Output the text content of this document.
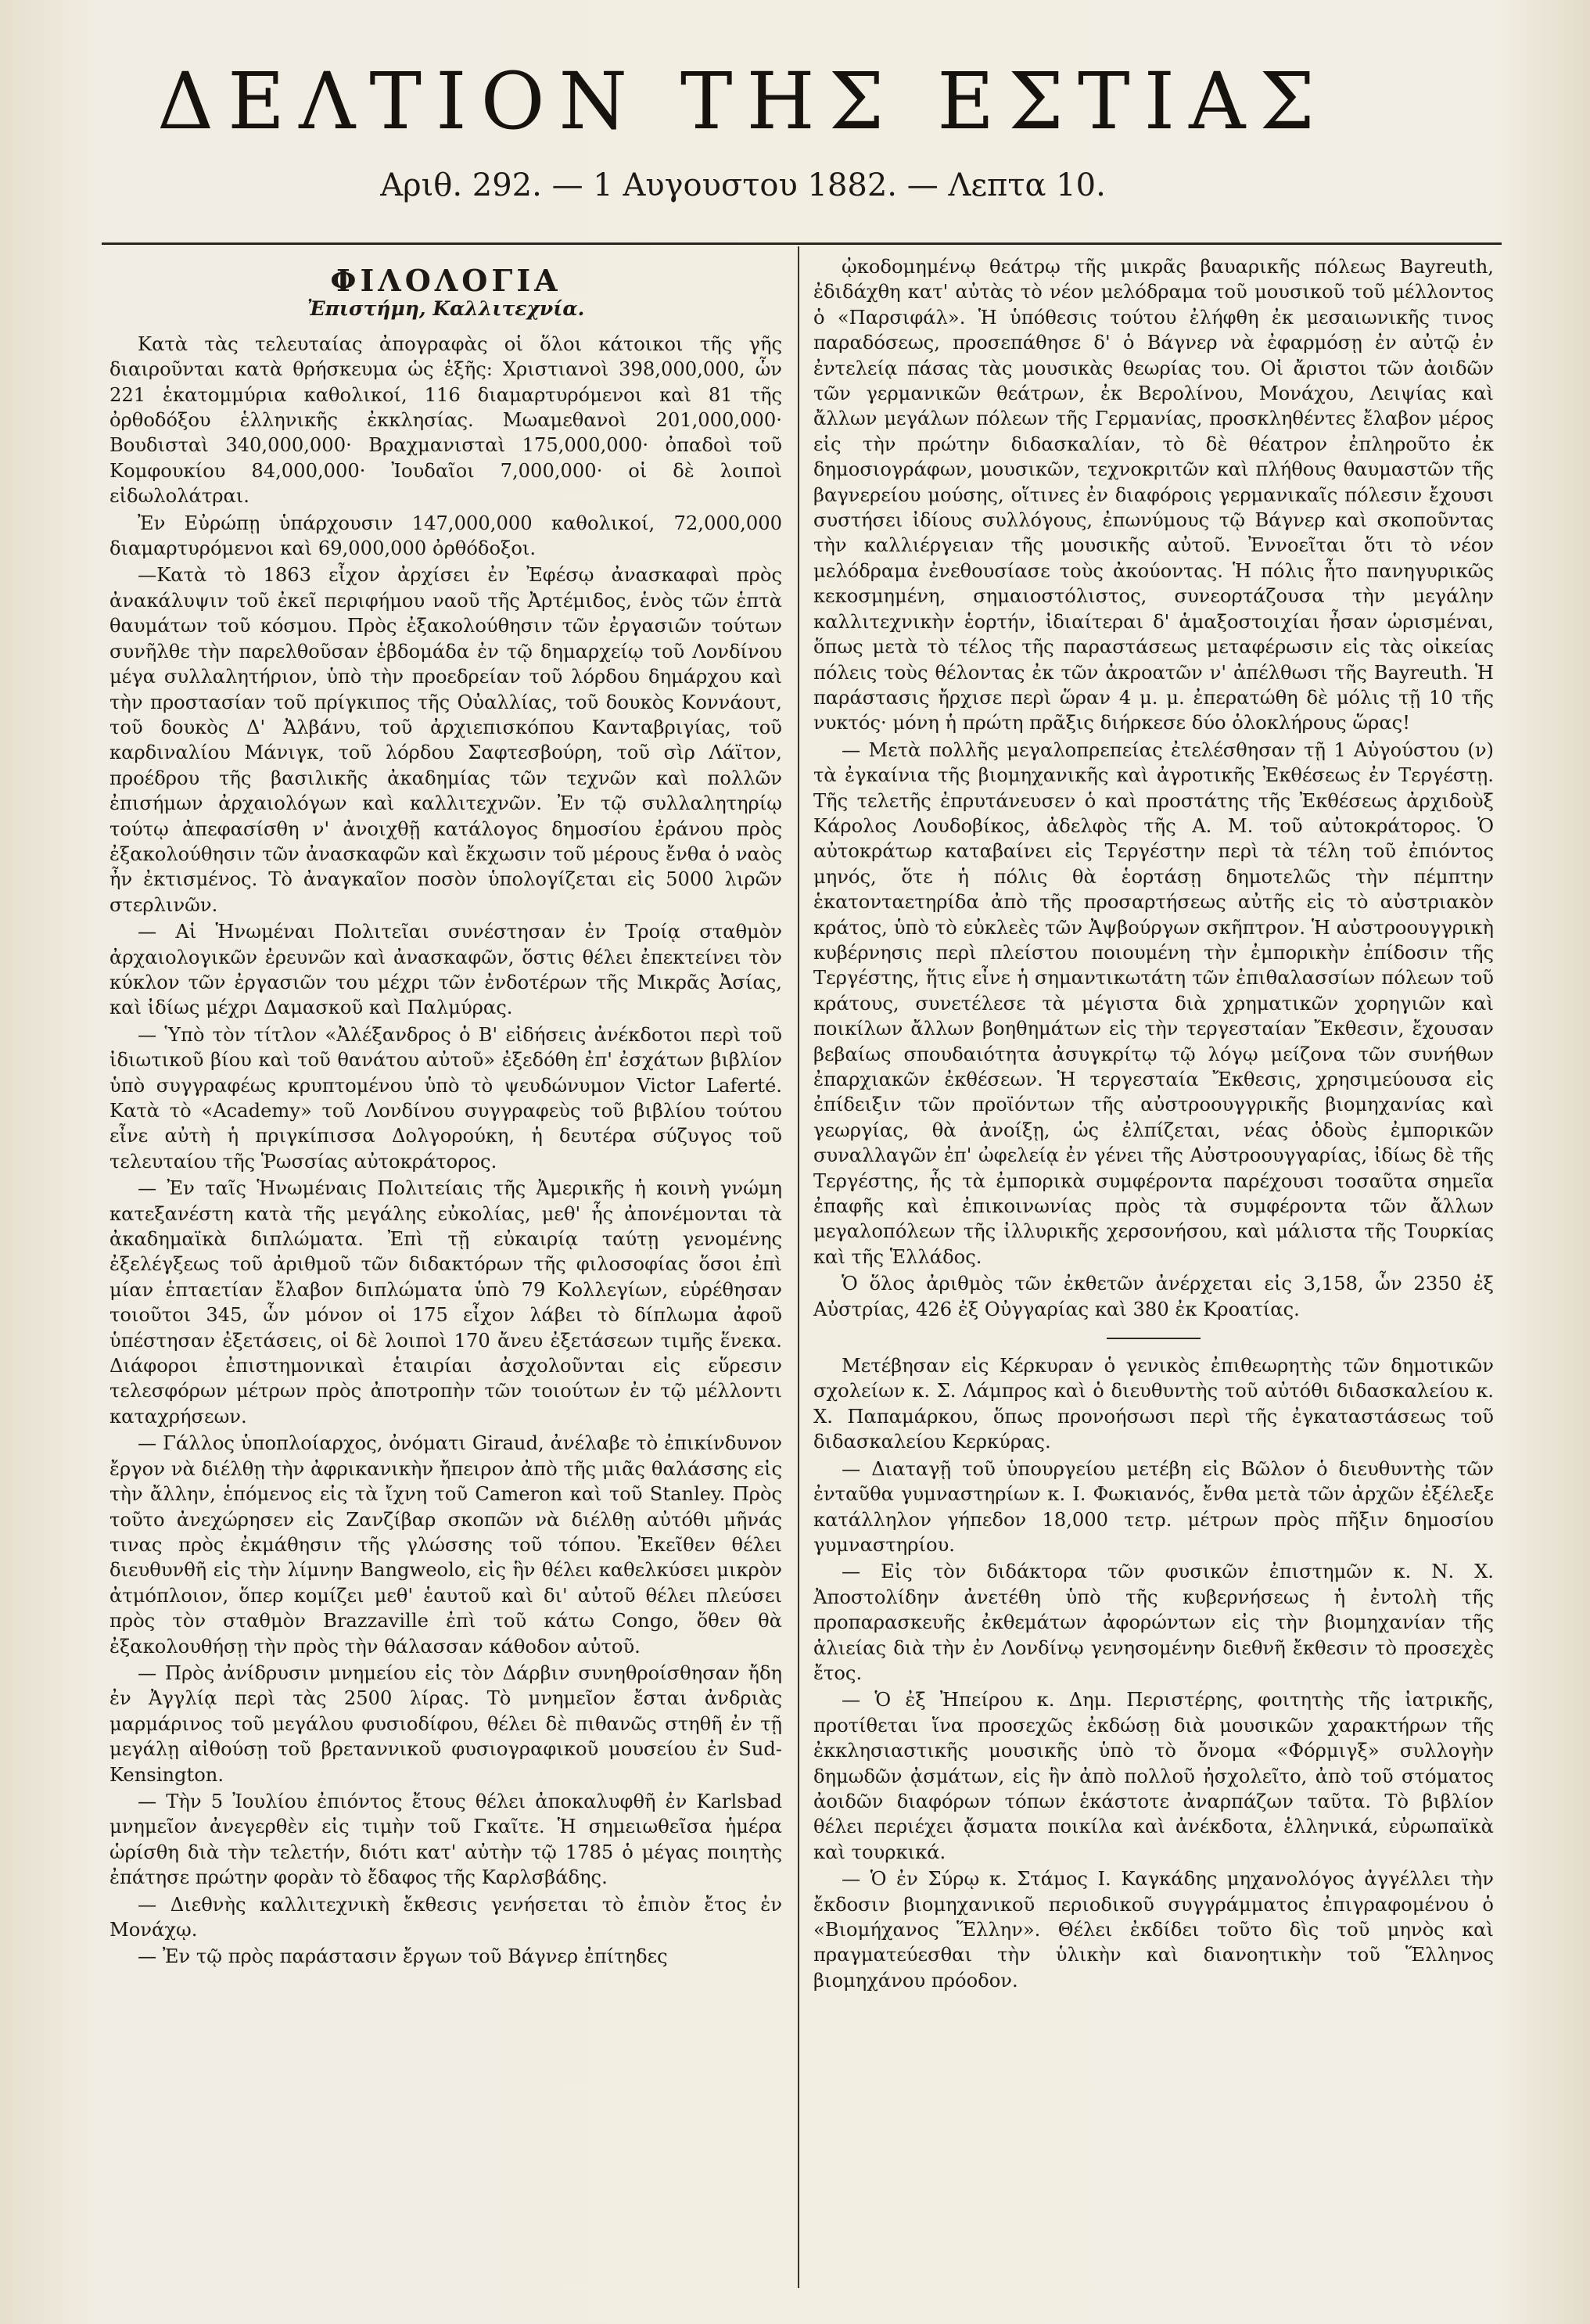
ΔΕΛΤΙΟΝ ΤΗΣ ΕΣΤΙΑΣ
Αριθ. 292. — 1 Αυγουστου 1882. — Λεπτα 10.
ΦΙΛΟΛΟΓΙΑ
Ἐπιστήμη, Καλλιτεχνία.

Κατὰ τὰς τελευταίας ἀπογραφὰς οἱ ὅλοι κάτοικοι τῆς γῆς διαιροῦνται κατὰ θρήσκευμα ὡς ἑξῆς: Χριστιανοὶ 398,000,000, ὧν 221 ἑκατομμύρια καθολικοί, 116 διαμαρτυρόμενοι καὶ 81 τῆς ὀρθοδόξου ἑλληνικῆς ἐκκλησίας. Μωαμεθανοὶ 201,000,000· Βουδισταὶ 340,000,000· Βραχμανισταὶ 175,000,000· ὀπαδοὶ τοῦ Κομφουκίου 84,000,000· Ἰουδαῖοι 7,000,000· οἱ δὲ λοιποὶ εἰδωλολάτραι.

Ἐν Εὐρώπῃ ὑπάρχουσιν 147,000,000 καθολικοί, 72,000,000 διαμαρτυρόμενοι καὶ 69,000,000 ὀρθόδοξοι.

—Κατὰ τὸ 1863 εἶχον ἀρχίσει ἐν Ἐφέσῳ ἀνασκαφαὶ πρὸς ἀνακάλυψιν τοῦ ἐκεῖ περιφήμου ναοῦ τῆς Ἀρτέμιδος, ἑνὸς τῶν ἑπτὰ θαυμάτων τοῦ κόσμου. Πρὸς ἐξακολούθησιν τῶν ἐργασιῶν τούτων συνῆλθε τὴν παρελθοῦσαν ἑβδομάδα ἐν τῷ δημαρχείῳ τοῦ Λονδίνου μέγα συλλαλητήριον, ὑπὸ τὴν προεδρείαν τοῦ λόρδου δημάρχου καὶ τὴν προστασίαν τοῦ πρίγκιπος τῆς Οὐαλλίας, τοῦ δουκὸς Κοννάουτ, τοῦ δουκὸς Δ' Ἀλβάνυ, τοῦ ἀρχιεπισκόπου Κανταβριγίας, τοῦ καρδιναλίου Μάνιγκ, τοῦ λόρδου Σαφτεσβούρη, τοῦ σὶρ Λάϊτον, προέδρου τῆς βασιλικῆς ἀκαδημίας τῶν τεχνῶν καὶ πολλῶν ἐπισήμων ἀρχαιολόγων καὶ καλλιτεχνῶν. Ἐν τῷ συλλαλητηρίῳ τούτῳ ἀπεφασίσθη ν' ἀνοιχθῇ κατάλογος δημοσίου ἐράνου πρὸς ἐξακολούθησιν τῶν ἀνασκαφῶν καὶ ἔκχωσιν τοῦ μέρους ἔνθα ὁ ναὸς ἦν ἐκτισμένος. Τὸ ἀναγκαῖον ποσὸν ὑπολογίζεται εἰς 5000 λιρῶν στερλινῶν.

— Αἱ Ἡνωμέναι Πολιτεῖαι συνέστησαν ἐν Τροίᾳ σταθμὸν ἀρχαιολογικῶν ἐρευνῶν καὶ ἀνασκαφῶν, ὅστις θέλει ἐπεκτείνει τὸν κύκλον τῶν ἐργασιῶν του μέχρι τῶν ἐνδοτέρων τῆς Μικρᾶς Ἀσίας, καὶ ἰδίως μέχρι Δαμασκοῦ καὶ Παλμύρας.

— Ὑπὸ τὸν τίτλον «Ἀλέξανδρος ὁ Β' εἰδήσεις ἀνέκδοτοι περὶ τοῦ ἰδιωτικοῦ βίου καὶ τοῦ θανάτου αὐτοῦ» ἐξεδόθη ἐπ' ἐσχάτων βιβλίον ὑπὸ συγγραφέως κρυπτομένου ὑπὸ τὸ ψευδώνυμον Victor Laferté. Κατὰ τὸ «Academy» τοῦ Λονδίνου συγγραφεὺς τοῦ βιβλίου τούτου εἶνε αὐτὴ ἡ πριγκίπισσα Δολγορούκη, ἡ δευτέρα σύζυγος τοῦ τελευταίου τῆς Ῥωσσίας αὐτοκράτορος.

— Ἐν ταῖς Ἡνωμέναις Πολιτείαις τῆς Ἀμερικῆς ἡ κοινὴ γνώμη κατεξανέστη κατὰ τῆς μεγάλης εὐκολίας, μεθ' ἧς ἀπονέμονται τὰ ἀκαδημαϊκὰ διπλώματα. Ἐπὶ τῇ εὐκαιρίᾳ ταύτῃ γενομένης ἐξελέγξεως τοῦ ἀριθμοῦ τῶν διδακτόρων τῆς φιλοσοφίας ὅσοι ἐπὶ μίαν ἑπταετίαν ἔλαβον διπλώματα ὑπὸ 79 Κολλεγίων, εὑρέθησαν τοιοῦτοι 345, ὧν μόνον οἱ 175 εἶχον λάβει τὸ δίπλωμα ἀφοῦ ὑπέστησαν ἐξετάσεις, οἱ δὲ λοιποὶ 170 ἄνευ ἐξετάσεων τιμῆς ἕνεκα. Διάφοροι ἐπιστημονικαὶ ἑταιρίαι ἀσχολοῦνται εἰς εὕρεσιν τελεσφόρων μέτρων πρὸς ἀποτροπὴν τῶν τοιούτων ἐν τῷ μέλλοντι καταχρήσεων.

— Γάλλος ὑποπλοίαρχος, ὀνόματι Giraud, ἀνέλαβε τὸ ἐπικίνδυνον ἔργον νὰ διέλθῃ τὴν ἀφρικανικὴν ἤπειρον ἀπὸ τῆς μιᾶς θαλάσσης εἰς τὴν ἄλλην, ἑπόμενος εἰς τὰ ἴχνη τοῦ Cameron καὶ τοῦ Stanley. Πρὸς τοῦτο ἀνεχώρησεν εἰς Ζανζίβαρ σκοπῶν νὰ διέλθῃ αὐτόθι μῆνάς τινας πρὸς ἐκμάθησιν τῆς γλώσσης τοῦ τόπου. Ἐκεῖθεν θέλει διευθυνθῆ εἰς τὴν λίμνην Bangweolo, εἰς ἣν θέλει καθελκύσει μικρὸν ἀτμόπλοιον, ὅπερ κομίζει μεθ' ἑαυτοῦ καὶ δι' αὐτοῦ θέλει πλεύσει πρὸς τὸν σταθμὸν Brazzaville ἐπὶ τοῦ κάτω Congo, ὅθεν θὰ ἐξακολουθήσῃ τὴν πρὸς τὴν θάλασσαν κάθοδον αὐτοῦ.

— Πρὸς ἀνίδρυσιν μνημείου εἰς τὸν Δάρβιν συνηθροίσθησαν ἤδη ἐν Ἀγγλίᾳ περὶ τὰς 2500 λίρας. Τὸ μνημεῖον ἔσται ἀνδριὰς μαρμάρινος τοῦ μεγάλου φυσιοδίφου, θέλει δὲ πιθανῶς στηθῆ ἐν τῇ μεγάλῃ αἰθούσῃ τοῦ βρεταννικοῦ φυσιογραφικοῦ μουσείου ἐν Sud-Kensington.

— Τὴν 5 Ἰουλίου ἐπιόντος ἔτους θέλει ἀποκαλυφθῆ ἐν Karlsbad μνημεῖον ἀνεγερθὲν εἰς τιμὴν τοῦ Γκαῖτε. Ἡ σημειωθεῖσα ἡμέρα ὡρίσθη διὰ τὴν τελετήν, διότι κατ' αὐτὴν τῷ 1785 ὁ μέγας ποιητὴς ἐπάτησε πρώτην φορὰν τὸ ἔδαφος τῆς Καρλσβάδης.

— Διεθνὴς καλλιτεχνικὴ ἔκθεσις γενήσεται τὸ ἐπιὸν ἔτος ἐν Μονάχῳ.

— Ἐν τῷ πρὸς παράστασιν ἔργων τοῦ Βάγνερ ἐπίτηδες

ᾠκοδομημένῳ θεάτρῳ τῆς μικρᾶς βαυαρικῆς πόλεως Bayreuth, ἐδιδάχθη κατ' αὐτὰς τὸ νέον μελόδραμα τοῦ μουσικοῦ τοῦ μέλλοντος ὁ «Παρσιφάλ». Ἡ ὑπόθεσις τούτου ἐλήφθη ἐκ μεσαιωνικῆς τινος παραδόσεως, προσεπάθησε δ' ὁ Βάγνερ νὰ ἐφαρμόσῃ ἐν αὐτῷ ἐν ἐντελείᾳ πάσας τὰς μουσικὰς θεωρίας του. Οἱ ἄριστοι τῶν ἀοιδῶν τῶν γερμανικῶν θεάτρων, ἐκ Βερολίνου, Μονάχου, Λειψίας καὶ ἄλλων μεγάλων πόλεων τῆς Γερμανίας, προσκληθέντες ἔλαβον μέρος εἰς τὴν πρώτην διδασκαλίαν, τὸ δὲ θέατρον ἐπληροῦτο ἐκ δημοσιογράφων, μουσικῶν, τεχνοκριτῶν καὶ πλήθους θαυμαστῶν τῆς βαγνερείου μούσης, οἵτινες ἐν διαφόροις γερμανικαῖς πόλεσιν ἔχουσι συστήσει ἰδίους συλλόγους, ἐπωνύμους τῷ Βάγνερ καὶ σκοποῦντας τὴν καλλιέργειαν τῆς μουσικῆς αὐτοῦ. Ἐννοεῖται ὅτι τὸ νέον μελόδραμα ἐνεθουσίασε τοὺς ἀκούοντας. Ἡ πόλις ἦτο πανηγυρικῶς κεκοσμημένη, σημαιοστόλιστος, συνεορτάζουσα τὴν μεγάλην καλλιτεχνικὴν ἑορτήν, ἰδιαίτεραι δ' ἁμαξοστοιχίαι ἦσαν ὡρισμέναι, ὅπως μετὰ τὸ τέλος τῆς παραστάσεως μεταφέρωσιν εἰς τὰς οἰκείας πόλεις τοὺς θέλοντας ἐκ τῶν ἀκροατῶν ν' ἀπέλθωσι τῆς Bayreuth. Ἡ παράστασις ἤρχισε περὶ ὥραν 4 μ. μ. ἐπερατώθη δὲ μόλις τῇ 10 τῆς νυκτός· μόνη ἡ πρώτη πρᾶξις διήρκεσε δύο ὁλοκλήρους ὥρας!

— Μετὰ πολλῆς μεγαλοπρεπείας ἐτελέσθησαν τῇ 1 Αὐγούστου (ν) τὰ ἐγκαίνια τῆς βιομηχανικῆς καὶ ἀγροτικῆς Ἐκθέσεως ἐν Τεργέστῃ. Τῆς τελετῆς ἐπρυτάνευσεν ὁ καὶ προστάτης τῆς Ἐκθέσεως ἀρχιδοὺξ Κάρολος Λουδοβίκος, ἀδελφὸς τῆς Α. Μ. τοῦ αὐτοκράτορος. Ὁ αὐτοκράτωρ καταβαίνει εἰς Τεργέστην περὶ τὰ τέλη τοῦ ἐπιόντος μηνός, ὅτε ἡ πόλις θὰ ἑορτάσῃ δημοτελῶς τὴν πέμπτην ἑκατονταετηρίδα ἀπὸ τῆς προσαρτήσεως αὐτῆς εἰς τὸ αὐστριακὸν κράτος, ὑπὸ τὸ εὐκλεὲς τῶν Ἀψβούργων σκῆπτρον. Ἡ αὐστροουγγρικὴ κυβέρνησις περὶ πλείστου ποιουμένη τὴν ἐμπορικὴν ἐπίδοσιν τῆς Τεργέστης, ἥτις εἶνε ἡ σημαντικωτάτη τῶν ἐπιθαλασσίων πόλεων τοῦ κράτους, συνετέλεσε τὰ μέγιστα διὰ χρηματικῶν χορηγιῶν καὶ ποικίλων ἄλλων βοηθημάτων εἰς τὴν τεργεσταίαν Ἔκθεσιν, ἔχουσαν βεβαίως σπουδαιότητα ἀσυγκρίτῳ τῷ λόγῳ μείζονα τῶν συνήθων ἐπαρχιακῶν ἐκθέσεων. Ἡ τεργεσταία Ἔκθεσις, χρησιμεύουσα εἰς ἐπίδειξιν τῶν προϊόντων τῆς αὐστροουγγρικῆς βιομηχανίας καὶ γεωργίας, θὰ ἀνοίξῃ, ὡς ἐλπίζεται, νέας ὁδοὺς ἐμπορικῶν συναλλαγῶν ἐπ' ὠφελείᾳ ἐν γένει τῆς Αὐστροουγγαρίας, ἰδίως δὲ τῆς Τεργέστης, ἧς τὰ ἐμπορικὰ συμφέροντα παρέχουσι τοσαῦτα σημεῖα ἐπαφῆς καὶ ἐπικοινωνίας πρὸς τὰ συμφέροντα τῶν ἄλλων μεγαλοπόλεων τῆς ἰλλυρικῆς χερσονήσου, καὶ μάλιστα τῆς Τουρκίας καὶ τῆς Ἑλλάδος.

Ὁ ὅλος ἀριθμὸς τῶν ἐκθετῶν ἀνέρχεται εἰς 3,158, ὧν 2350 ἐξ Αὐστρίας, 426 ἐξ Οὐγγαρίας καὶ 380 ἐκ Κροατίας.

Μετέβησαν εἰς Κέρκυραν ὁ γενικὸς ἐπιθεωρητὴς τῶν δημοτικῶν σχολείων κ. Σ. Λάμπρος καὶ ὁ διευθυντὴς τοῦ αὐτόθι διδασκαλείου κ. Χ. Παπαμάρκου, ὅπως προνοήσωσι περὶ τῆς ἐγκαταστάσεως τοῦ διδασκαλείου Κερκύρας.

— Διαταγῇ τοῦ ὑπουργείου μετέβη εἰς Βῶλον ὁ διευθυντὴς τῶν ἐνταῦθα γυμναστηρίων κ. Ι. Φωκιανός, ἔνθα μετὰ τῶν ἀρχῶν ἐξέλεξε κατάλληλον γήπεδον 18,000 τετρ. μέτρων πρὸς πῆξιν δημοσίου γυμναστηρίου.

— Εἰς τὸν διδάκτορα τῶν φυσικῶν ἐπιστημῶν κ. Ν. Χ. Ἀποστολίδην ἀνετέθη ὑπὸ τῆς κυβερνήσεως ἡ ἐντολὴ τῆς προπαρασκευῆς ἐκθεμάτων ἀφορώντων εἰς τὴν βιομηχανίαν τῆς ἁλιείας διὰ τὴν ἐν Λονδίνῳ γενησομένην διεθνῆ ἔκθεσιν τὸ προσεχὲς ἔτος.

— Ὁ ἐξ Ἠπείρου κ. Δημ. Περιστέρης, φοιτητὴς τῆς ἰατρικῆς, προτίθεται ἵνα προσεχῶς ἐκδώσῃ διὰ μουσικῶν χαρακτήρων τῆς ἐκκλησιαστικῆς μουσικῆς ὑπὸ τὸ ὄνομα «Φόρμιγξ» συλλογὴν δημωδῶν ᾀσμάτων, εἰς ἣν ἀπὸ πολλοῦ ἠσχολεῖτο, ἀπὸ τοῦ στόματος ἀοιδῶν διαφόρων τόπων ἑκάστοτε ἀναρπάζων ταῦτα. Τὸ βιβλίον θέλει περιέχει ᾄσματα ποικίλα καὶ ἀνέκδοτα, ἑλληνικά, εὐρωπαϊκὰ καὶ τουρκικά.

— Ὁ ἐν Σύρῳ κ. Στάμος Ι. Καγκάδης μηχανολόγος ἀγγέλλει τὴν ἔκδοσιν βιομηχανικοῦ περιοδικοῦ συγγράμματος ἐπιγραφομένου ὁ «Βιομήχανος Ἕλλην». Θέλει ἐκδίδει τοῦτο δὶς τοῦ μηνὸς καὶ πραγματεύεσθαι τὴν ὑλικὴν καὶ διανοητικὴν τοῦ Ἕλληνος βιομηχάνου πρόοδον.
